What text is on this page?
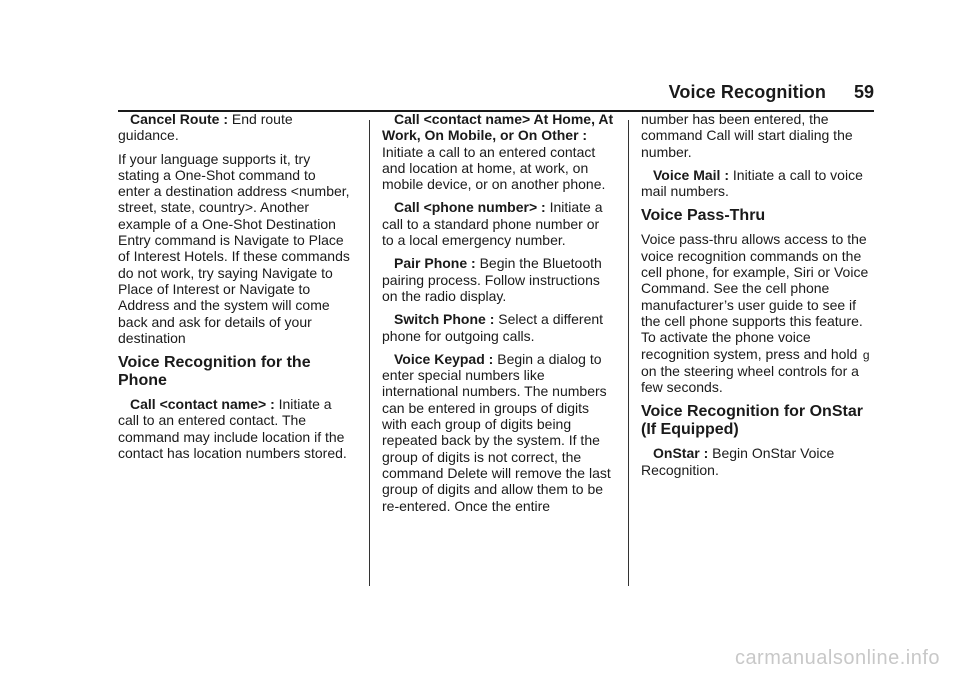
Voice Recognition 59

Cancel Route : End route guidance.

If your language supports it, try stating a One-Shot command to enter a destination address <number, street, state, country>. Another example of a One-Shot Destination Entry command is Navigate to Place of Interest Hotels. If these commands do not work, try saying Navigate to Place of Interest or Navigate to Address and the system will come back and ask for details of your destination

Voice Recognition for the Phone

Call <contact name> : Initiate a call to an entered contact. The command may include location if the contact has location numbers stored.

Call <contact name> At Home, At Work, On Mobile, or On Other : Initiate a call to an entered contact and location at home, at work, on mobile device, or on another phone.

Call <phone number> : Initiate a call to a standard phone number or to a local emergency number.

Pair Phone : Begin the Bluetooth pairing process. Follow instructions on the radio display.

Switch Phone : Select a different phone for outgoing calls.

Voice Keypad : Begin a dialog to enter special numbers like international numbers. The numbers can be entered in groups of digits with each group of digits being repeated back by the system. If the group of digits is not correct, the command Delete will remove the last group of digits and allow them to be re-entered. Once the entire

number has been entered, the command Call will start dialing the number.

Voice Mail : Initiate a call to voice mail numbers.

Voice Pass-Thru

Voice pass-thru allows access to the voice recognition commands on the cell phone, for example, Siri or Voice Command. See the cell phone manufacturer’s user guide to see if the cell phone supports this feature. To activate the phone voice recognition system, press and hold g on the steering wheel controls for a few seconds.

Voice Recognition for OnStar (If Equipped)

OnStar : Begin OnStar Voice Recognition.

carmanualsonline.info
